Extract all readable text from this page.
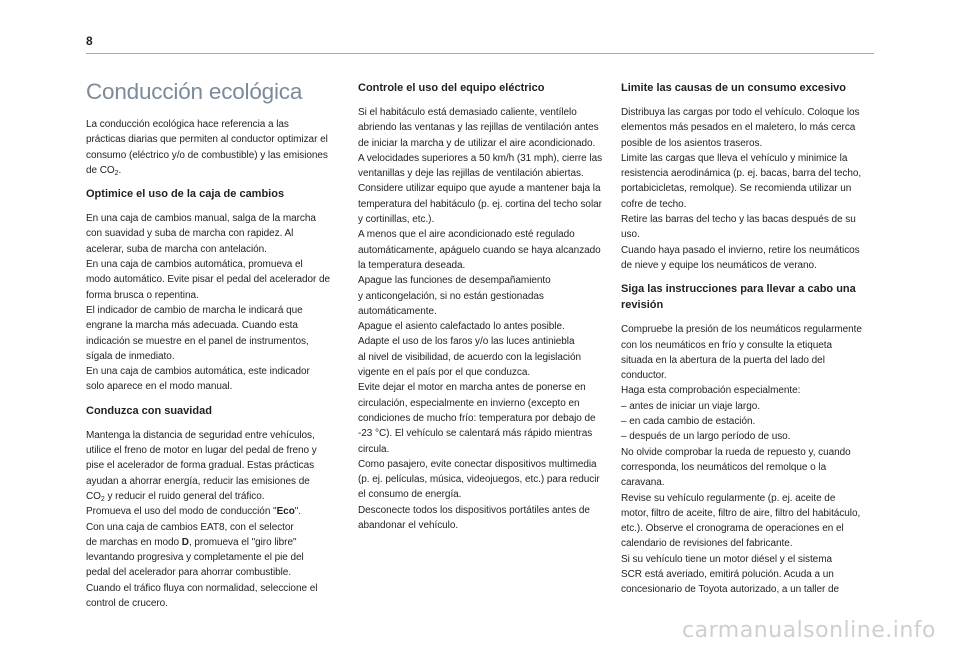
8
Conducción ecológica

La conducción ecológica hace referencia a las
prácticas diarias que permiten al conductor optimizar el
consumo (eléctrico y/o de combustible) y las emisiones
de $CO_2$.

Optimice el uso de la caja de cambios

En una caja de cambios manual, salga de la marcha
con suavidad y suba de marcha con rapidez. Al
acelerar, suba de marcha con antelación.
En una caja de cambios automática, promueva el
modo automático. Evite pisar el pedal del acelerador de
forma brusca o repentina.
El indicador de cambio de marcha le indicará que
engrane la marcha más adecuada. Cuando esta
indicación se muestre en el panel de instrumentos,
sígala de inmediato.
En una caja de cambios automática, este indicador
solo aparece en el modo manual.

Conduzca con suavidad

Mantenga la distancia de seguridad entre vehículos,
utilice el freno de motor en lugar del pedal de freno y
pise el acelerador de forma gradual. Estas prácticas
ayudan a ahorrar energía, reducir las emisiones de
$CO_2$ y reducir el ruido general del tráfico.
Promueva el uso del modo de conducción "Eco".
Con una caja de cambios EAT8, con el selector
de marchas en modo D, promueva el "giro libre"
levantando progresiva y completamente el pie del
pedal del acelerador para ahorrar combustible.
Cuando el tráfico fluya con normalidad, seleccione el
control de crucero.

Controle el uso del equipo eléctrico

Si el habitáculo está demasiado caliente, ventílelo
abriendo las ventanas y las rejillas de ventilación antes
de iniciar la marcha y de utilizar el aire acondicionado.
A velocidades superiores a 50 km/h (31 mph), cierre las
ventanillas y deje las rejillas de ventilación abiertas.
Considere utilizar equipo que ayude a mantener baja la
temperatura del habitáculo (p. ej. cortina del techo solar
y cortinillas, etc.).
A menos que el aire acondicionado esté regulado
automáticamente, apáguelo cuando se haya alcanzado
la temperatura deseada.
Apague las funciones de desempañamiento
y anticongelación, si no están gestionadas
automáticamente.
Apague el asiento calefactado lo antes posible.
Adapte el uso de los faros y/o las luces antiniebla
al nivel de visibilidad, de acuerdo con la legislación
vigente en el país por el que conduzca.
Evite dejar el motor en marcha antes de ponerse en
circulación, especialmente en invierno (excepto en
condiciones de mucho frío: temperatura por debajo de
-23 °C). El vehículo se calentará más rápido mientras
circula.
Como pasajero, evite conectar dispositivos multimedia
(p. ej. películas, música, videojuegos, etc.) para reducir
el consumo de energía.
Desconecte todos los dispositivos portátiles antes de
abandonar el vehículo.

Limite las causas de un consumo excesivo

Distribuya las cargas por todo el vehículo. Coloque los
elementos más pesados en el maletero, lo más cerca
posible de los asientos traseros.
Limite las cargas que lleva el vehículo y minimice la
resistencia aerodinámica (p. ej. bacas, barra del techo,
portabicicletas, remolque). Se recomienda utilizar un
cofre de techo.
Retire las barras del techo y las bacas después de su
uso.
Cuando haya pasado el invierno, retire los neumáticos
de nieve y equipe los neumáticos de verano.

Siga las instrucciones para llevar a cabo una
revisión

Compruebe la presión de los neumáticos regularmente
con los neumáticos en frío y consulte la etiqueta
situada en la abertura de la puerta del lado del
conductor.
Haga esta comprobación especialmente:
– antes de iniciar un viaje largo.
– en cada cambio de estación.
– después de un largo período de uso.
No olvide comprobar la rueda de repuesto y, cuando
corresponda, los neumáticos del remolque o la
caravana.
Revise su vehículo regularmente (p. ej. aceite de
motor, filtro de aceite, filtro de aire, filtro del habitáculo,
etc.). Observe el cronograma de operaciones en el
calendario de revisiones del fabricante.
Si su vehículo tiene un motor diésel y el sistema
SCR está averiado, emitirá polución. Acuda a un
concesionario de Toyota autorizado, a un taller de

carmanualsonline.info
